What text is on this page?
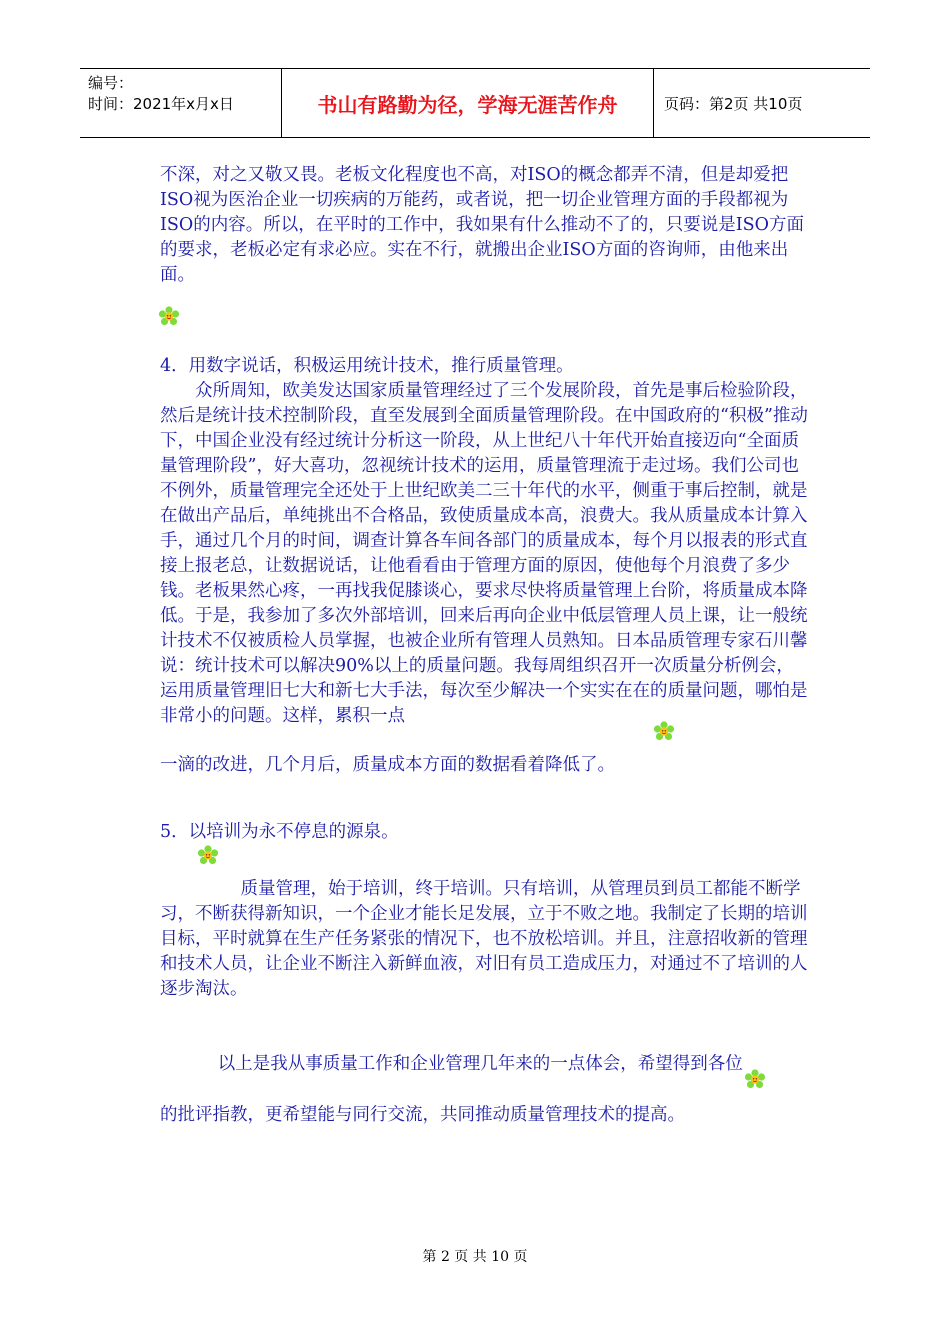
编号：
时间：2021年x月x日	书山有路勤为径，学海无涯苦作舟	页码：第2页 共10页

不深，对之又敬又畏。老板文化程度也不高，对ISO的概念都弄不清，但是却爱把ISO视为医治企业一切疾病的万能药，或者说，把一切企业管理方面的手段都视为ISO的内容。所以，在平时的工作中，我如果有什么推动不了的，只要说是ISO方面的要求，老板必定有求必应。实在不行，就搬出企业ISO方面的咨询师，由他来出面。

4．用数字说话，积极运用统计技术，推行质量管理。

众所周知，欧美发达国家质量管理经过了三个发展阶段，首先是事后检验阶段，然后是统计技术控制阶段，直至发展到全面质量管理阶段。在中国政府的“积极”推动下，中国企业没有经过统计分析这一阶段，从上世纪八十年代开始直接迈向“全面质量管理阶段”，好大喜功，忽视统计技术的运用，质量管理流于走过场。我们公司也不例外，质量管理完全还处于上世纪欧美二三十年代的水平，侧重于事后控制，就是在做出产品后，单纯挑出不合格品，致使质量成本高，浪费大。我从质量成本计算入手，通过几个月的时间，调查计算各车间各部门的质量成本，每个月以报表的形式直接上报老总，让数据说话，让他看看由于管理方面的原因，使他每个月浪费了多少钱。老板果然心疼，一再找我促膝谈心，要求尽快将质量管理上台阶，将质量成本降低。于是，我参加了多次外部培训，回来后再向企业中低层管理人员上课，让一般统计技术不仅被质检人员掌握，也被企业所有管理人员熟知。日本品质管理专家石川馨说：统计技术可以解决90%以上的质量问题。我每周组织召开一次质量分析例会，运用质量管理旧七大和新七大手法，每次至少解决一个实实在在的质量问题，哪怕是非常小的问题。这样，累积一点

一滴的改进，几个月后，质量成本方面的数据看着降低了。

5．以培训为永不停息的源泉。

质量管理，始于培训，终于培训。只有培训，从管理员到员工都能不断学习，不断获得新知识，一个企业才能长足发展，立于不败之地。我制定了长期的培训目标，平时就算在生产任务紧张的情况下，也不放松培训。并且，注意招收新的管理和技术人员，让企业不断注入新鲜血液，对旧有员工造成压力，对通过不了培训的人逐步淘汰。

以上是我从事质量工作和企业管理几年来的一点体会，希望得到各位

的批评指教，更希望能与同行交流，共同推动质量管理技术的提高。

第 2 页 共 10 页
